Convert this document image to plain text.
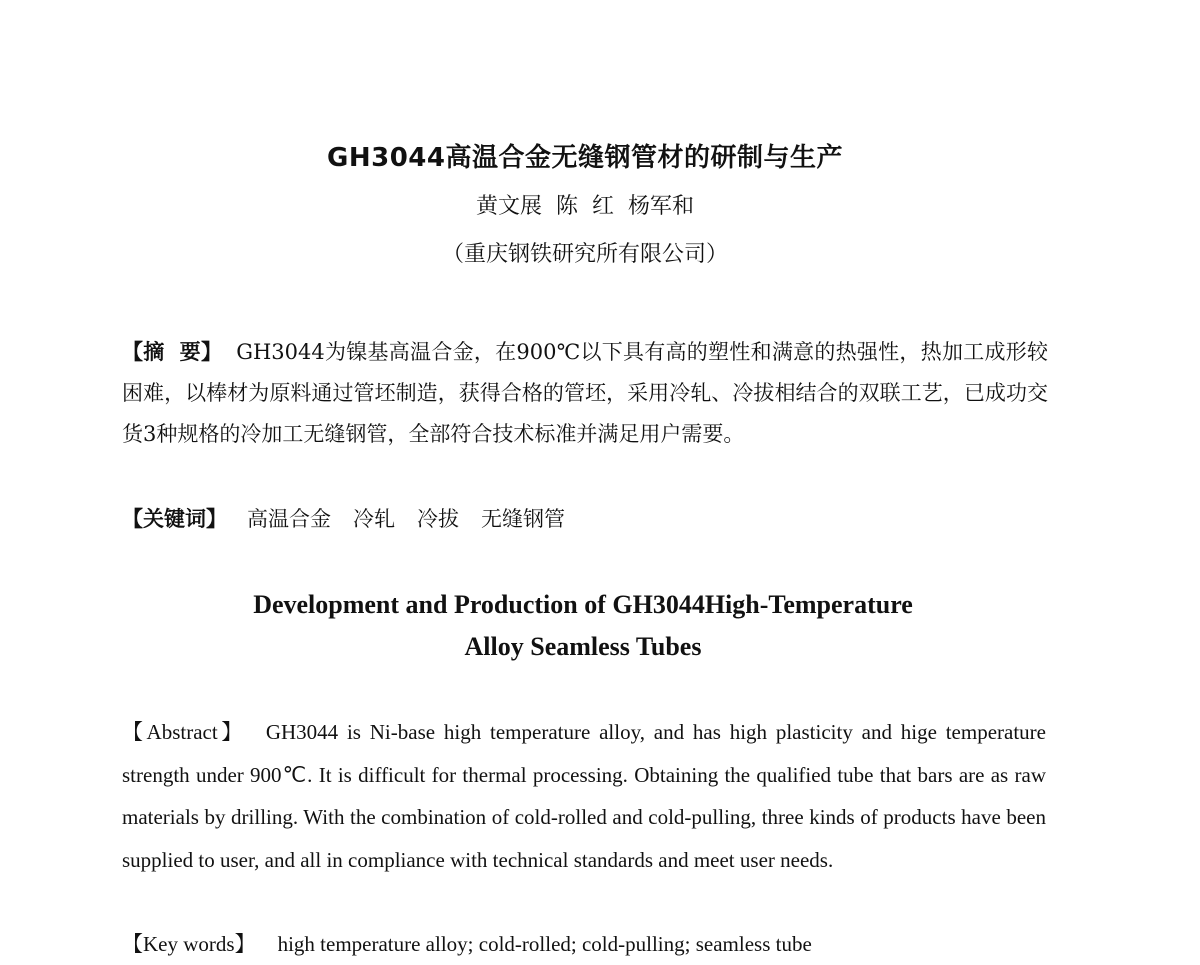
GH3044高温合金无缝钢管材的研制与生产
黄文展  陈  红  杨军和
（重庆钢铁研究所有限公司）
【摘  要】 GH3044为镍基高温合金，在900℃以下具有高的塑性和满意的热强性，热加工成形较困难，以棒材为原料通过管坯制造，获得合格的管坯，采用冷轧、冷拔相结合的双联工艺，已成功交货3种规格的冷加工无缝钢管，全部符合技术标准并满足用户需要。
【关键词】 高温合金 冷轧 冷拔 无缝钢管
Development and Production of GH3044High-Temperature
Alloy Seamless Tubes
【Abstract】 GH3044 is Ni-base high temperature alloy, and has high plasticity and hige temperature strength under 900℃. It is difficult for thermal processing. Obtaining the qualified tube that bars are as raw materials by drilling. With the combination of cold-rolled and cold-pulling, three kinds of products have been supplied to user, and all in compliance with technical standards and meet user needs.
【Key words】 high temperature alloy; cold-rolled; cold-pulling; seamless tube
